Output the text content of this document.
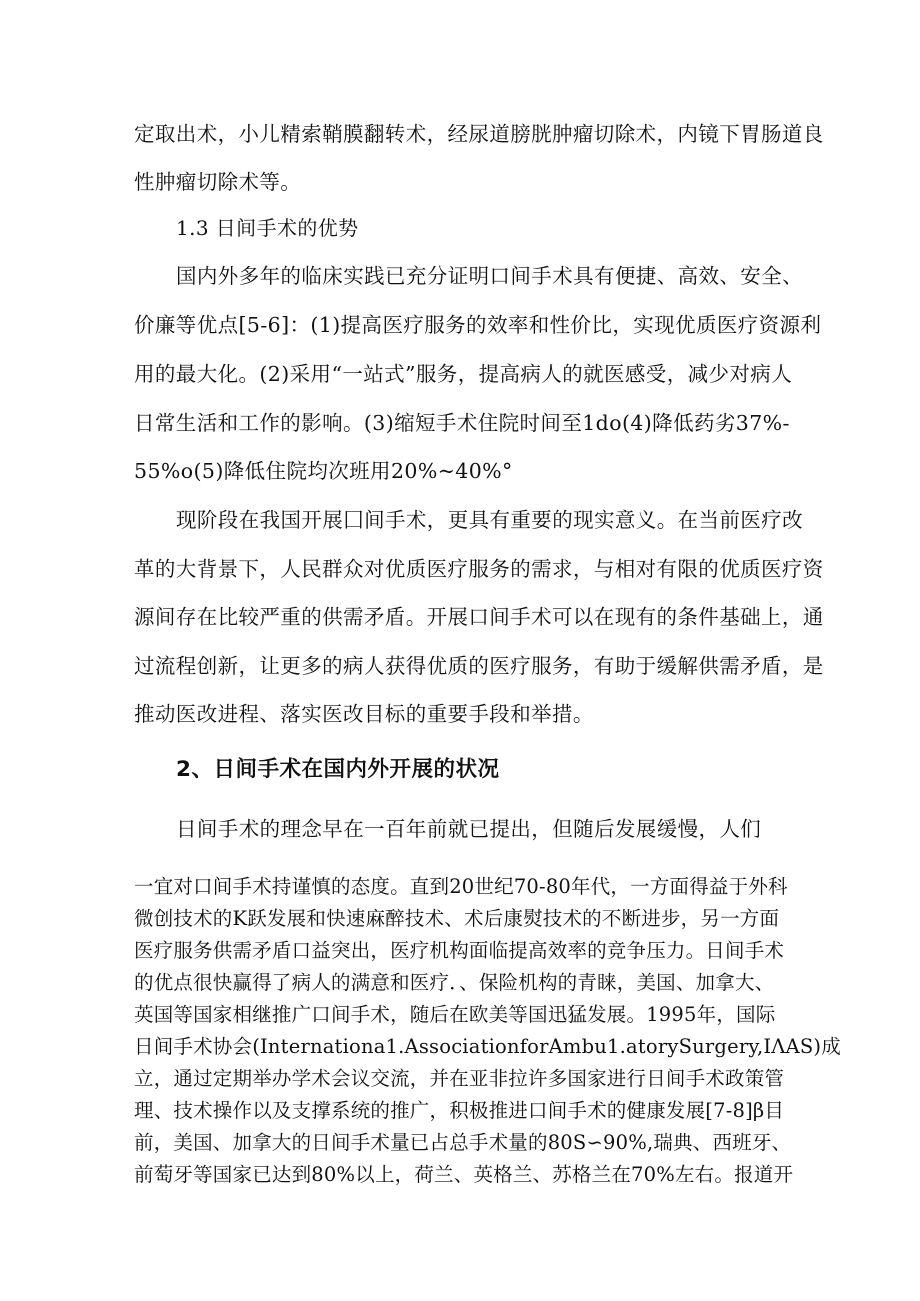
定取出术，小儿精索鞘膜翻转术，经尿道膀胱肿瘤切除术，内镜下胃肠道良
性肿瘤切除术等。
1.3 日间手术的优势
国内外多年的临床实践已充分证明口间手术具有便捷、高效、安全、
价廉等优点[5-6]：(1)提高医疗服务的效率和性价比，实现优质医疗资源利
用的最大化。(2)采用“一站式”服务，提高病人的就医感受，减少对病人
日常生活和工作的影响。(3)缩短手术住院时间至1do(4)降低药劣37%-
55%o(5)降低住院均次班用20%~40%°
现阶段在我国开展囗间手术，更具有重要的现实意义。在当前医疗改
革的大背景下，人民群众对优质医疗服务的需求，与相对有限的优质医疗资
源间存在比较严重的供需矛盾。开展口间手术可以在现有的条件基础上，通
过流程创新，让更多的病人获得优质的医疗服务，有助于缓解供需矛盾，是
推动医改进程、落实医改目标的重要手段和举措。
2、日间手术在国内外开展的状况
日间手术的理念早在一百年前就已提出，但随后发展缓慢，人们
一宜对口间手术持谨慎的态度。直到20世纪70-80年代，一方面得益于外科
微创技术的K跃发展和快速麻醉技术、术后康熨技术的不断进步，另一方面
医疗服务供需矛盾口益突出，医疗机构面临提高效率的竞争压力。日间手术
的优点很快赢得了病人的满意和医疗．、保险机构的青睐，美国、加拿大、
英国等国家相继推广口间手术，随后在欧美等国迅猛发展。1995年，国际
日间手术协会(Internationa1.AssociationforAmbu1.atorySurgery,IΛAS)成
立，通过定期举办学术会议交流，并在亚非拉许多国家进行日间手术政策管
理、技术操作以及支撑系统的推广，积极推进口间手术的健康发展[7-8]β目
前，美国、加拿大的日间手术量已占总手术量的80S∽90%,瑞典、西班牙、
前萄牙等国家已达到80%以上，荷兰、英格兰、苏格兰在70%左右。报道开
